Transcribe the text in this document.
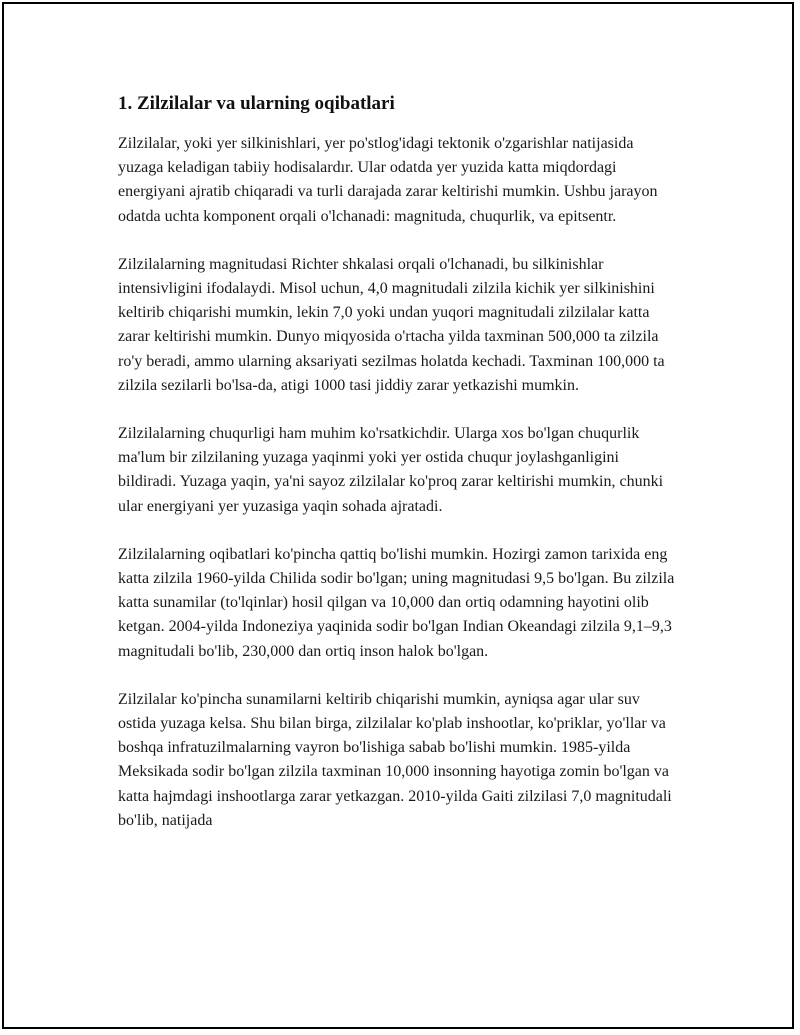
1. Zilzilalar va ularning oqibatlari

Zilzilalar, yoki yer silkinishlari, yer po'stlog'idagi tektonik o'zgarishlar natijasida yuzaga keladigan tabiiy hodisalardır. Ular odatda yer yuzida katta miqdordagi energiyani ajratib chiqaradi va turli darajada zarar keltirishi mumkin. Ushbu jarayon odatda uchta komponent orqali o'lchanadi: magnituda, chuqurlik, va epitsentr.

Zilzilalarning magnitudasi Richter shkalasi orqali o'lchanadi, bu silkinishlar intensivligini ifodalaydi. Misol uchun, 4,0 magnitudali zilzila kichik yer silkinishini keltirib chiqarishi mumkin, lekin 7,0 yoki undan yuqori magnitudali zilzilalar katta zarar keltirishi mumkin. Dunyo miqyosida o'rtacha yilda taxminan 500,000 ta zilzila ro'y beradi, ammo ularning aksariyati sezilmas holatda kechadi. Taxminan 100,000 ta zilzila sezilarli bo'lsa-da, atigi 1000 tasi jiddiy zarar yetkazishi mumkin.

Zilzilalarning chuqurligi ham muhim ko'rsatkichdir. Ularga xos bo'lgan chuqurlik ma'lum bir zilzilaning yuzaga yaqinmi yoki yer ostida chuqur joylashganligini bildiradi. Yuzaga yaqin, ya'ni sayoz zilzilalar ko'proq zarar keltirishi mumkin, chunki ular energiyani yer yuzasiga yaqin sohada ajratadi.

Zilzilalarning oqibatlari ko'pincha qattiq bo'lishi mumkin. Hozirgi zamon tarixida eng katta zilzila 1960-yilda Chilida sodir bo'lgan; uning magnitudasi 9,5 bo'lgan. Bu zilzila katta sunamilar (to'lqinlar) hosil qilgan va 10,000 dan ortiq odamning hayotini olib ketgan. 2004-yilda Indoneziya yaqinida sodir bo'lgan Indian Okeandagi zilzila 9,1–9,3 magnitudali bo'lib, 230,000 dan ortiq inson halok bo'lgan.

Zilzilalar ko'pincha sunamilarni keltirib chiqarishi mumkin, ayniqsa agar ular suv ostida yuzaga kelsa. Shu bilan birga, zilzilalar ko'plab inshootlar, ko'priklar, yo'llar va boshqa infratuzilmalarning vayron bo'lishiga sabab bo'lishi mumkin. 1985-yilda Meksikada sodir bo'lgan zilzila taxminan 10,000 insonning hayotiga zomin bo'lgan va katta hajmdagi inshootlarga zarar yetkazgan. 2010-yilda Gaiti zilzilasi 7,0 magnitudali bo'lib, natijada
